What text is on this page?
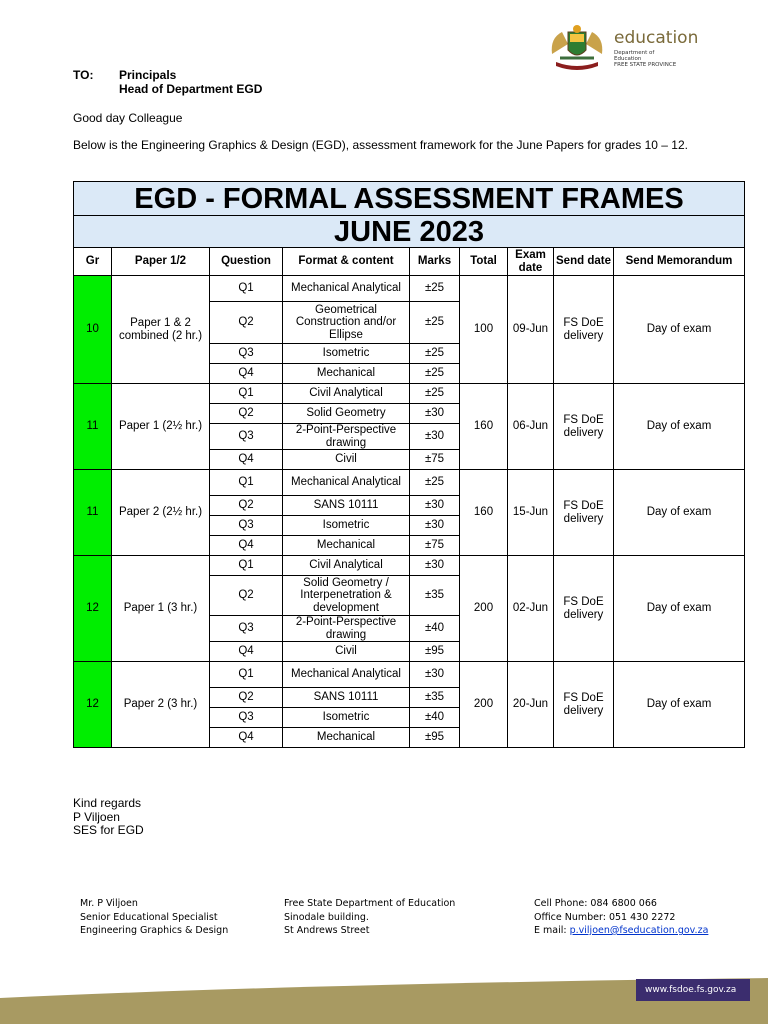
education
Department of
Education
FREE STATE PROVINCE
TO:	Principals
Head of Department EGD
Good day Colleague
Below is the Engineering Graphics & Design (EGD), assessment framework for the June Papers for grades 10 – 12.
EGD - FORMAL ASSESSMENT FRAMES								
JUNE 2023								
Gr	Paper 1/2	Question	Format & content	Marks	Total	Exam date	Send date	Send Memorandum
10	Paper 1 & 2 combined (2 hr.)	Q1	Mechanical Analytical	±25	100	09-Jun	FS DoE delivery	Day of exam
		Q2	Geometrical Construction and/or Ellipse	±25				
		Q3	Isometric	±25				
		Q4	Mechanical	±25				
11	Paper 1 (2½ hr.)	Q1	Civil Analytical	±25	160	06-Jun	FS DoE delivery	Day of exam
		Q2	Solid Geometry	±30				
		Q3	2-Point-Perspective drawing	±30				
		Q4	Civil	±75				
11	Paper 2 (2½ hr.)	Q1	Mechanical Analytical	±25	160	15-Jun	FS DoE delivery	Day of exam
		Q2	SANS 10111	±30				
		Q3	Isometric	±30				
		Q4	Mechanical	±75				
12	Paper 1 (3 hr.)	Q1	Civil Analytical	±30	200	02-Jun	FS DoE delivery	Day of exam
		Q2	Solid Geometry / Interpenetration & development	±35				
		Q3	2-Point-Perspective drawing	±40				
		Q4	Civil	±95				
12	Paper 2 (3 hr.)	Q1	Mechanical Analytical	±30	200	20-Jun	FS DoE delivery	Day of exam
		Q2	SANS 10111	±35				
		Q3	Isometric	±40				
		Q4	Mechanical	±95				
Kind regards
P Viljoen
SES for EGD
Mr. P Viljoen
Senior Educational Specialist
Engineering Graphics & Design
Free State Department of Education
Sinodale building.
St Andrews Street
Cell Phone: 084 6800 066
Office Number: 051 430 2272
E mail: p.viljoen@fseducation.gov.za
www.fsdoe.fs.gov.za
